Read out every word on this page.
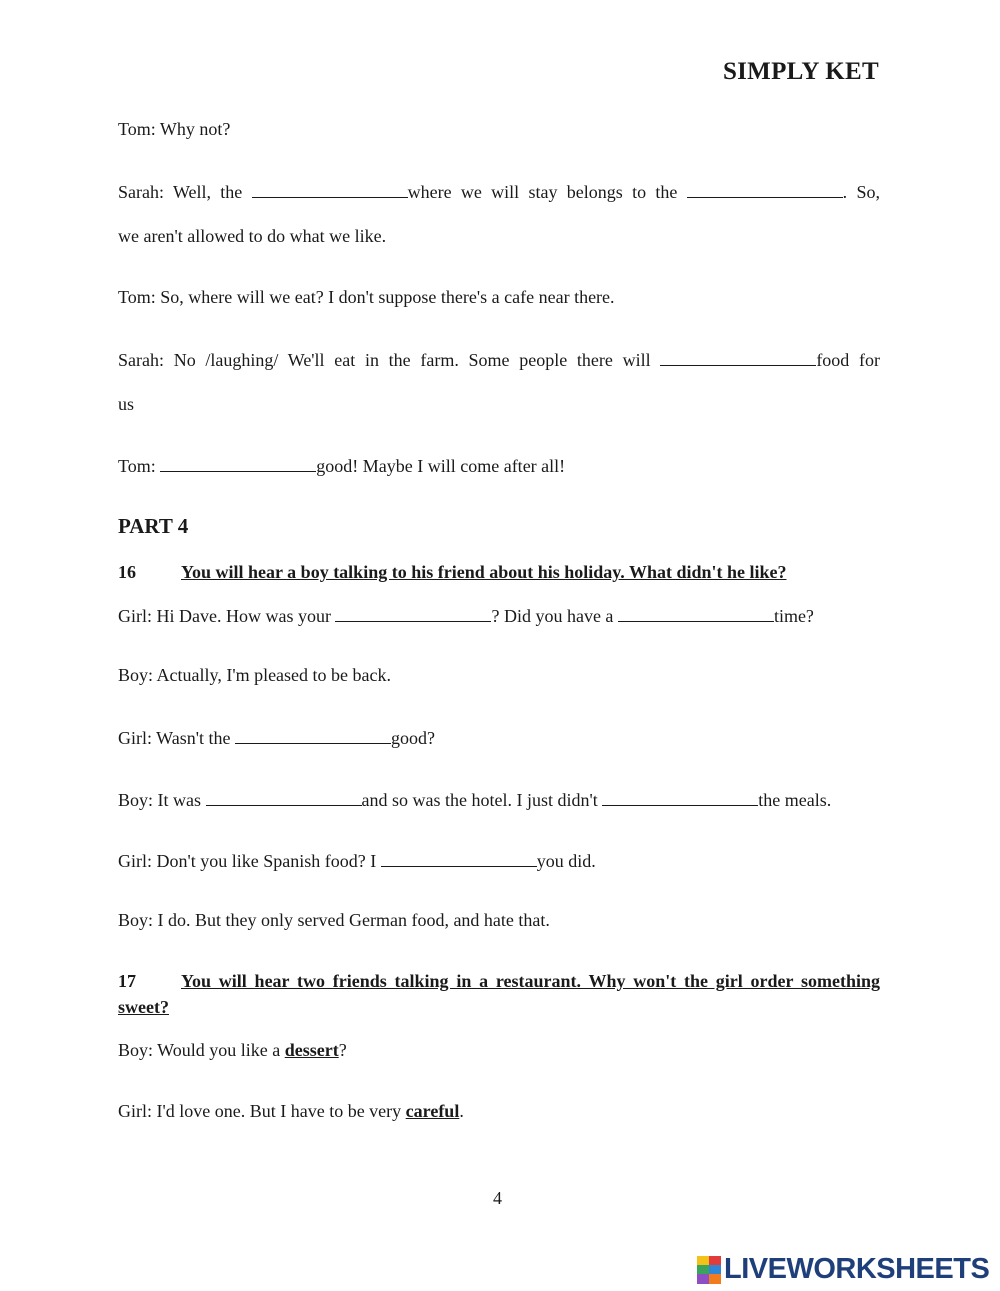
SIMPLY KET
Tom: Why not?
Sarah: Well, the	where we will stay belongs to the	. So,
we aren't allowed to do what we like.
Tom: So, where will we eat? I don't suppose there's a cafe near there.
Sarah: No /laughing/ We'll eat in the farm. Some people there will	food for
us
Tom:	good! Maybe I will come after all!
PART 4
16	You will hear a boy talking to his friend about his holiday. What didn't he like?
Girl: Hi Dave. How was your	? Did you have a	time?
Boy: Actually, I'm pleased to be back.
Girl: Wasn't the	good?
Boy: It was	and so was the hotel. I just didn't	the meals.
Girl: Don't you like Spanish food? I	you did.
Boy: I do. But they only served German food, and hate that.
17	You will hear two friends talking in a restaurant. Why won't the girl order something sweet?
Boy: Would you like a dessert?
Girl: I'd love one. But I have to be very careful.
4
LIVEWORKSHEETS
